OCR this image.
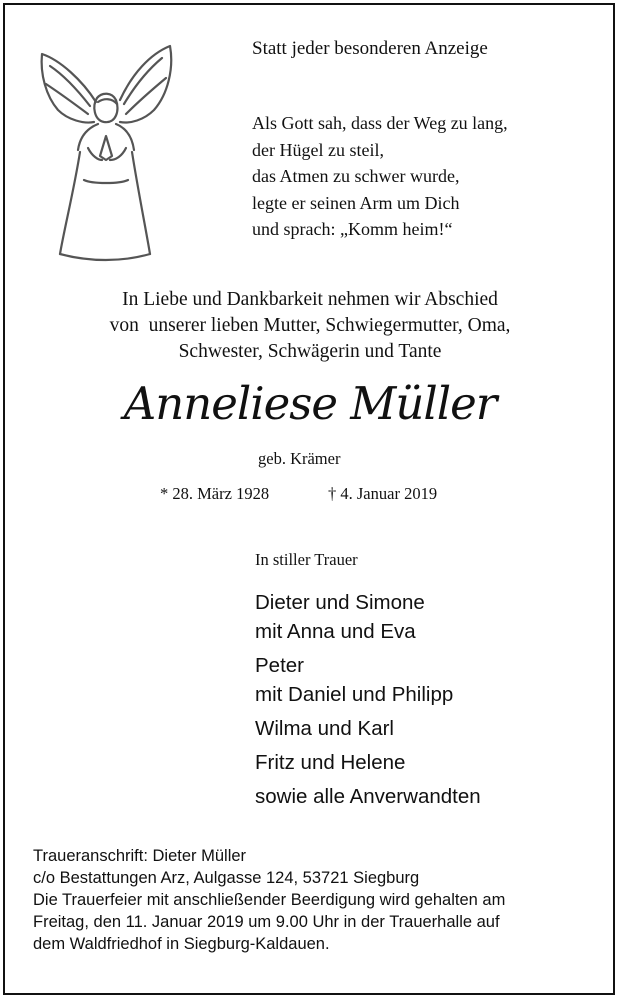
Statt jeder besonderen Anzeige
Als Gott sah, dass der Weg zu lang,
der Hügel zu steil,
das Atmen zu schwer wurde,
legte er seinen Arm um Dich
und sprach: „Komm heim!“
In Liebe und Dankbarkeit nehmen wir Abschied
von  unserer lieben Mutter, Schwiegermutter, Oma,
Schwester, Schwägerin und Tante
Anneliese Müller
geb. Krämer
* 28. März 1928	† 4. Januar 2019
In stiller Trauer
Dieter und Simone
mit Anna und Eva
Peter
mit Daniel und Philipp
Wilma und Karl
Fritz und Helene
sowie alle Anverwandten
Traueranschrift: Dieter Müller
c/o Bestattungen Arz, Aulgasse 124, 53721 Siegburg
Die Trauerfeier mit anschließender Beerdigung wird gehalten am
Freitag, den 11. Januar 2019 um 9.00 Uhr in der Trauerhalle auf
dem Waldfriedhof in Siegburg-Kaldauen.
